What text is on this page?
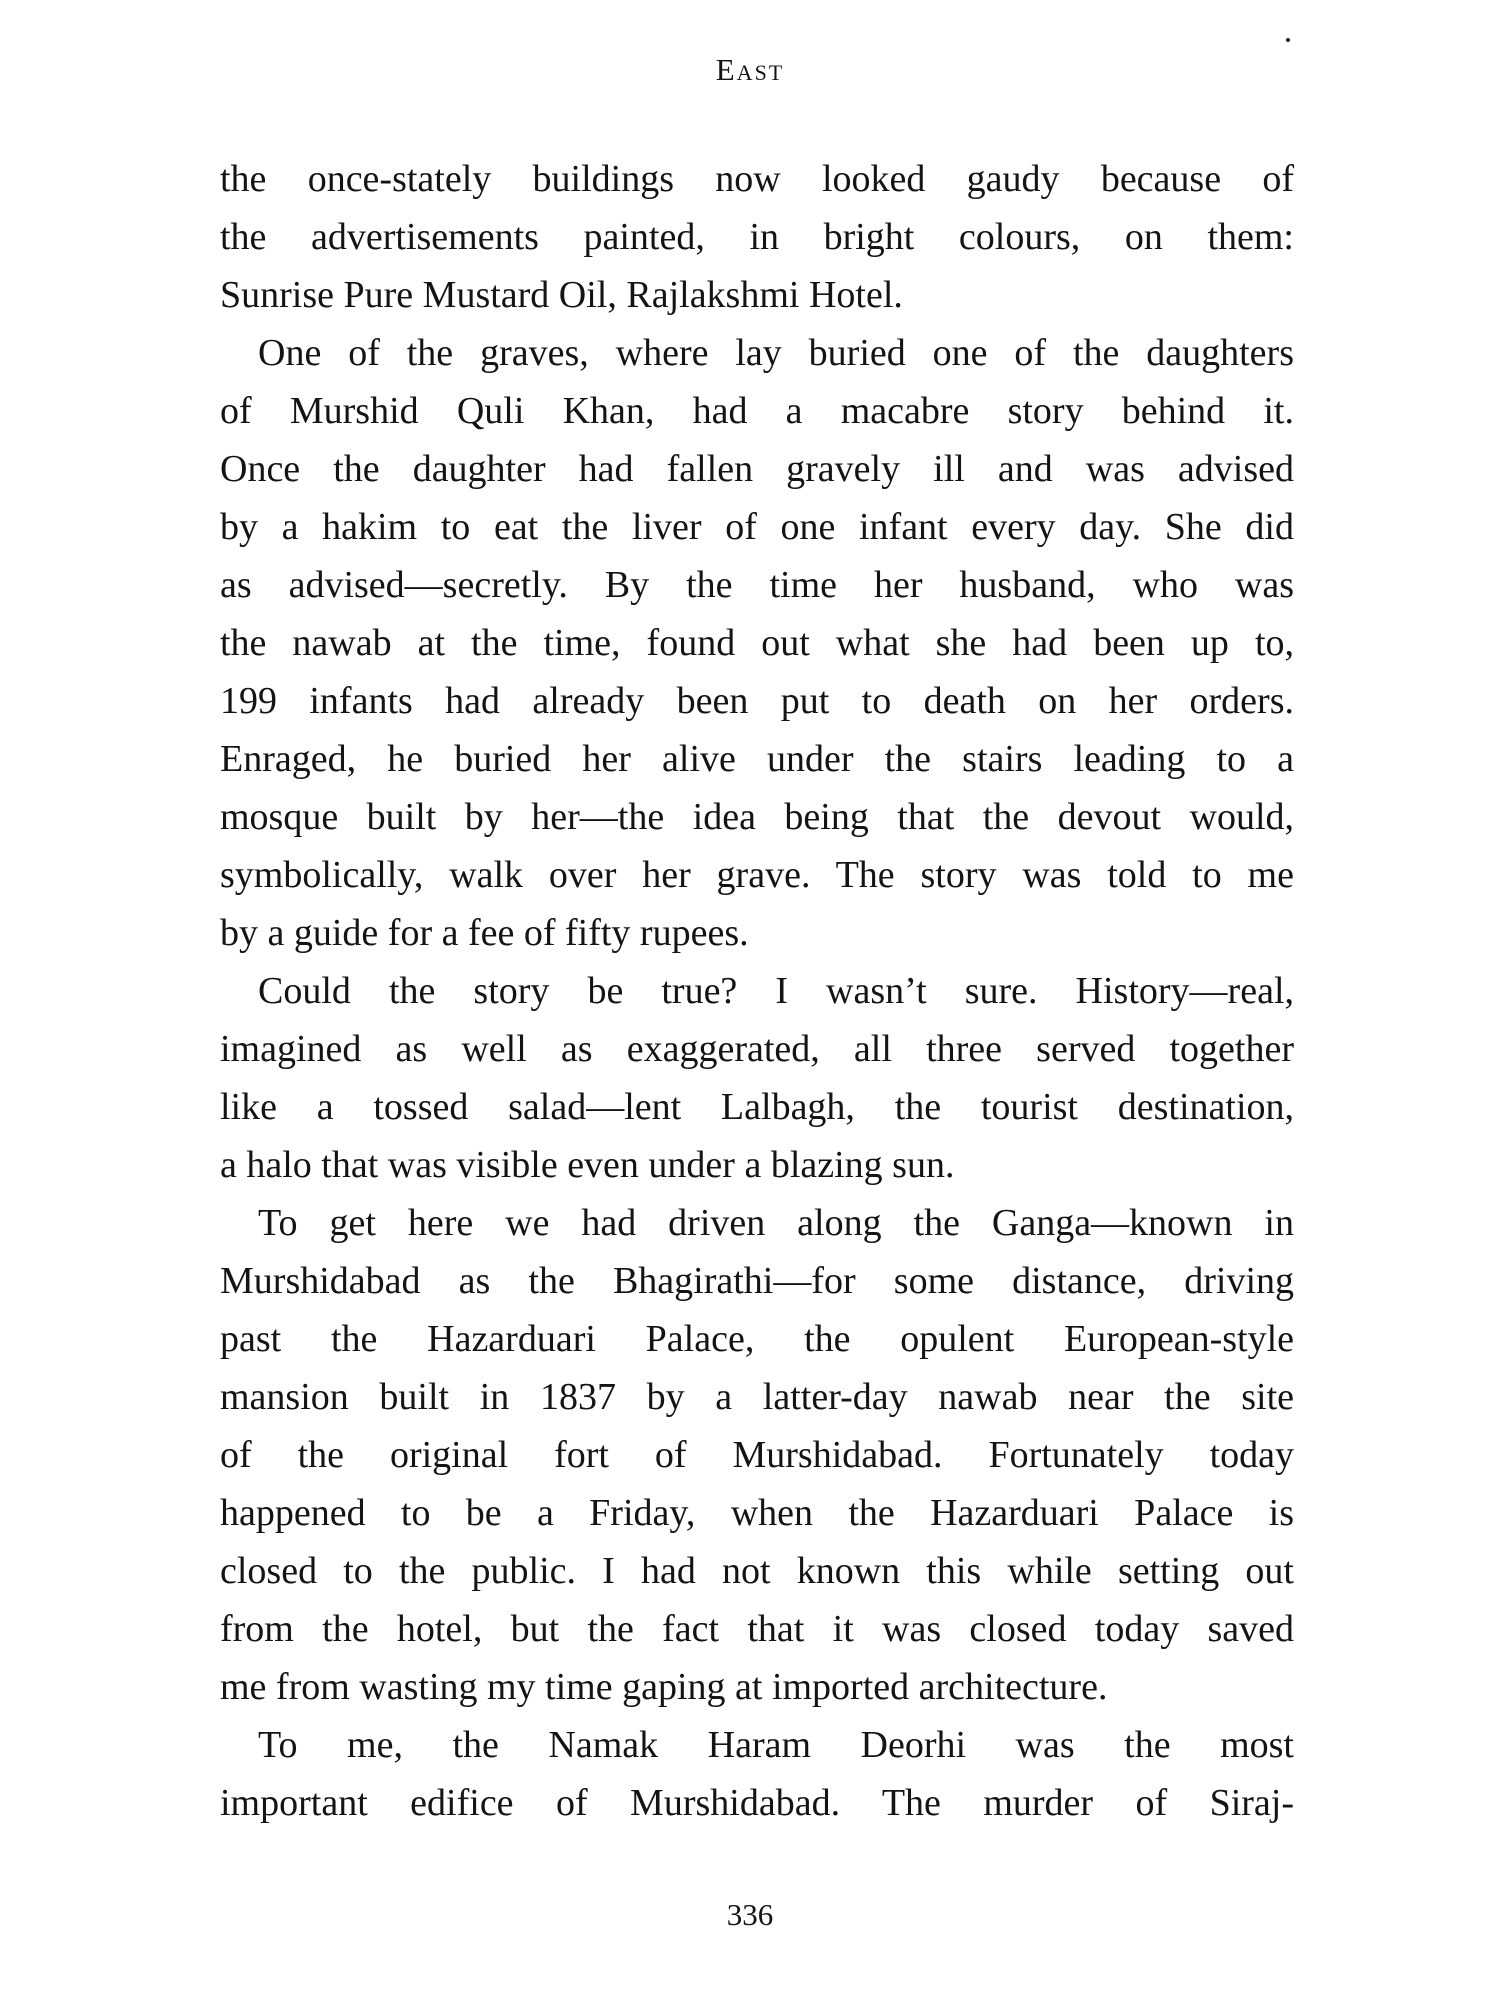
East
the once-stately buildings now looked gaudy because of
the advertisements painted, in bright colours, on them:
Sunrise Pure Mustard Oil, Rajlakshmi Hotel.
One of the graves, where lay buried one of the daughters
of Murshid Quli Khan, had a macabre story behind it.
Once the daughter had fallen gravely ill and was advised
by a hakim to eat the liver of one infant every day. She did
as advised—secretly. By the time her husband, who was
the nawab at the time, found out what she had been up to,
199 infants had already been put to death on her orders.
Enraged, he buried her alive under the stairs leading to a
mosque built by her—the idea being that the devout would,
symbolically, walk over her grave. The story was told to me
by a guide for a fee of fifty rupees.
Could the story be true? I wasn’t sure. History—real,
imagined as well as exaggerated, all three served together
like a tossed salad—lent Lalbagh, the tourist destination,
a halo that was visible even under a blazing sun.
To get here we had driven along the Ganga—known in
Murshidabad as the Bhagirathi—for some distance, driving
past the Hazarduari Palace, the opulent European-style
mansion built in 1837 by a latter-day nawab near the site
of the original fort of Murshidabad. Fortunately today
happened to be a Friday, when the Hazarduari Palace is
closed to the public. I had not known this while setting out
from the hotel, but the fact that it was closed today saved
me from wasting my time gaping at imported architecture.
To me, the Namak Haram Deorhi was the most
important edifice of Murshidabad. The murder of Siraj-
336
